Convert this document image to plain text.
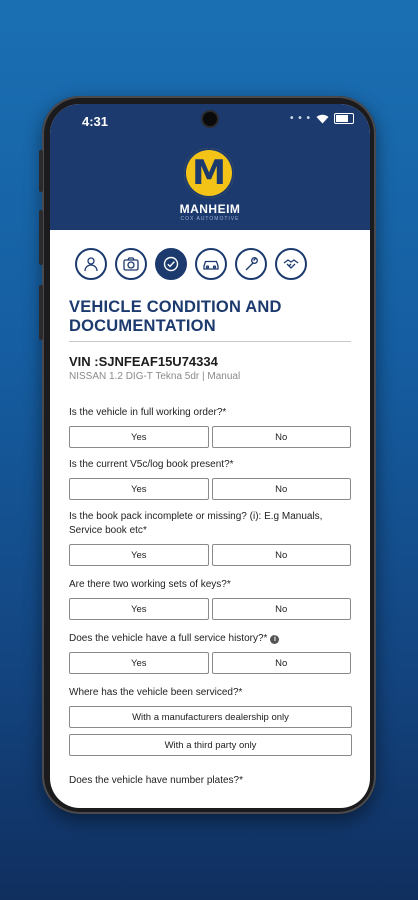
4:31	• • •
M
MANHEIM
COX AUTOMOTIVE
VEHICLE CONDITION AND DOCUMENTATION
VIN :SJNFEAF15U74334
NISSAN 1.2 DIG-T Tekna 5dr | Manual
Is the vehicle in full working order?*
Yes	No
Is the current V5c/log book present?*
Yes	No
Is the book pack incomplete or missing? (i): E.g Manuals, Service book etc*
Yes	No
Are there two working sets of keys?*
Yes	No
Does the vehicle have a full service history?* i
Yes	No
Where has the vehicle been serviced?*
With a manufacturers dealership only
With a third party only
Does the vehicle have number plates?*
